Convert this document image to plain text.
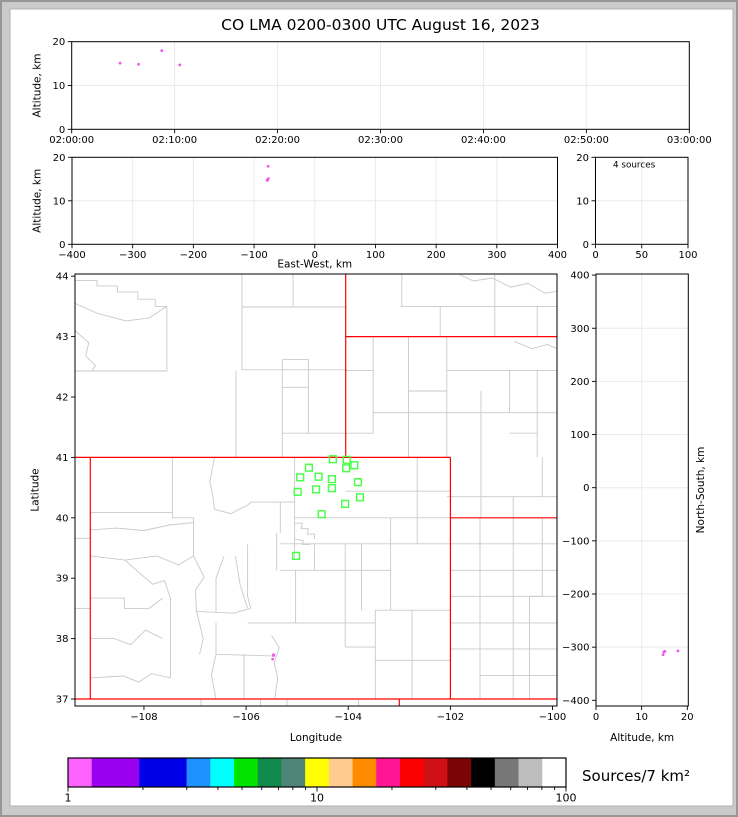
CO LMA 0200-0300 UTC August 16, 2023
02:00:00	02:10:00	02:20:00	02:30:00	02:40:00	02:50:00	03:00:00
0
10
20
Altitude, km
−400	−300	−200	−100	0	100	200	300	400
0
10
20
Altitude, km
East-West, km
0	50	100
0
10
20
4 sources
−108	−106	−104	−102	−100
37
38
39
40
41
42
43
44
Latitude
Longitude
0	10	20
400
300
200
100
0
−100
−200
−300
−400
Altitude, km
North-South, km
1	10	100
Sources/7 km²
